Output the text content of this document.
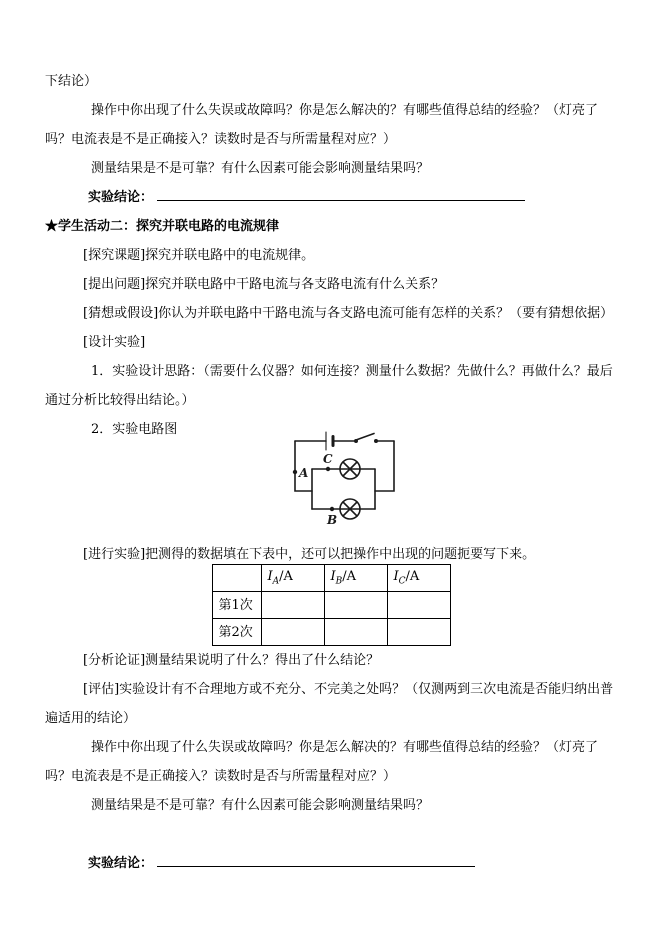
下结论）

操作中你出现了什么失误或故障吗？你是怎么解决的？有哪些值得总结的经验？（灯亮了吗？电流表是不是正确接入？读数时是否与所需量程对应？）

测量结果是不是可靠？有什么因素可能会影响测量结果吗？

实验结论：

★学生活动二：探究并联电路的电流规律

[探究课题]探究并联电路中的电流规律。

[提出问题]探究并联电路中干路电流与各支路电流有什么关系？

[猜想或假设]你认为并联电路中干路电流与各支路电流可能有怎样的关系？（要有猜想依据）

[设计实验]

1．实验设计思路：（需要什么仪器？如何连接？测量什么数据？先做什么？再做什么？最后通过分析比较得出结论。）

2．实验电路图

A
C
B

[进行实验]把测得的数据填在下表中，还可以把操作中出现的问题扼要写下来。

	$I_A/A$	$I_B/A$	$I_C/A$
第1次			
第2次			

[分析论证]测量结果说明了什么？得出了什么结论？

[评估]实验设计有不合理地方或不充分、不完美之处吗？（仅测两到三次电流是否能归纳出普遍适用的结论）

操作中你出现了什么失误或故障吗？你是怎么解决的？有哪些值得总结的经验？（灯亮了吗？电流表是不是正确接入？读数时是否与所需量程对应？）

测量结果是不是可靠？有什么因素可能会影响测量结果吗？

实验结论：
